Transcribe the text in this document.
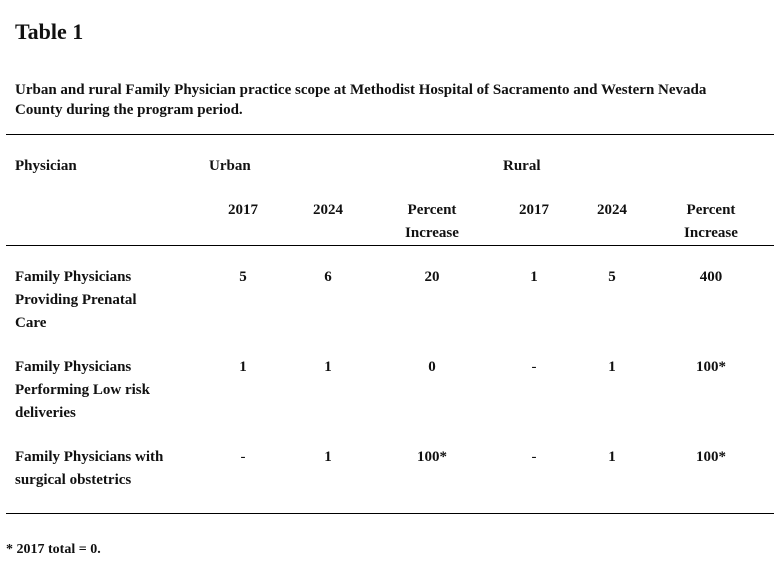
Table 1
Urban and rural Family Physician practice scope at Methodist Hospital of Sacramento and Western Nevada County during the program period.
Physician	Urban	Rural
2017	2024	Percent
Increase
2017	2024	Percent
Increase
Family Physicians
Providing Prenatal
Care
5	6	20	1	5	400
Family Physicians
Performing Low risk
deliveries
1	1	0	-	1	100*
Family Physicians with
surgical obstetrics
-	1	100*	-	1	100*
* 2017 total = 0.
